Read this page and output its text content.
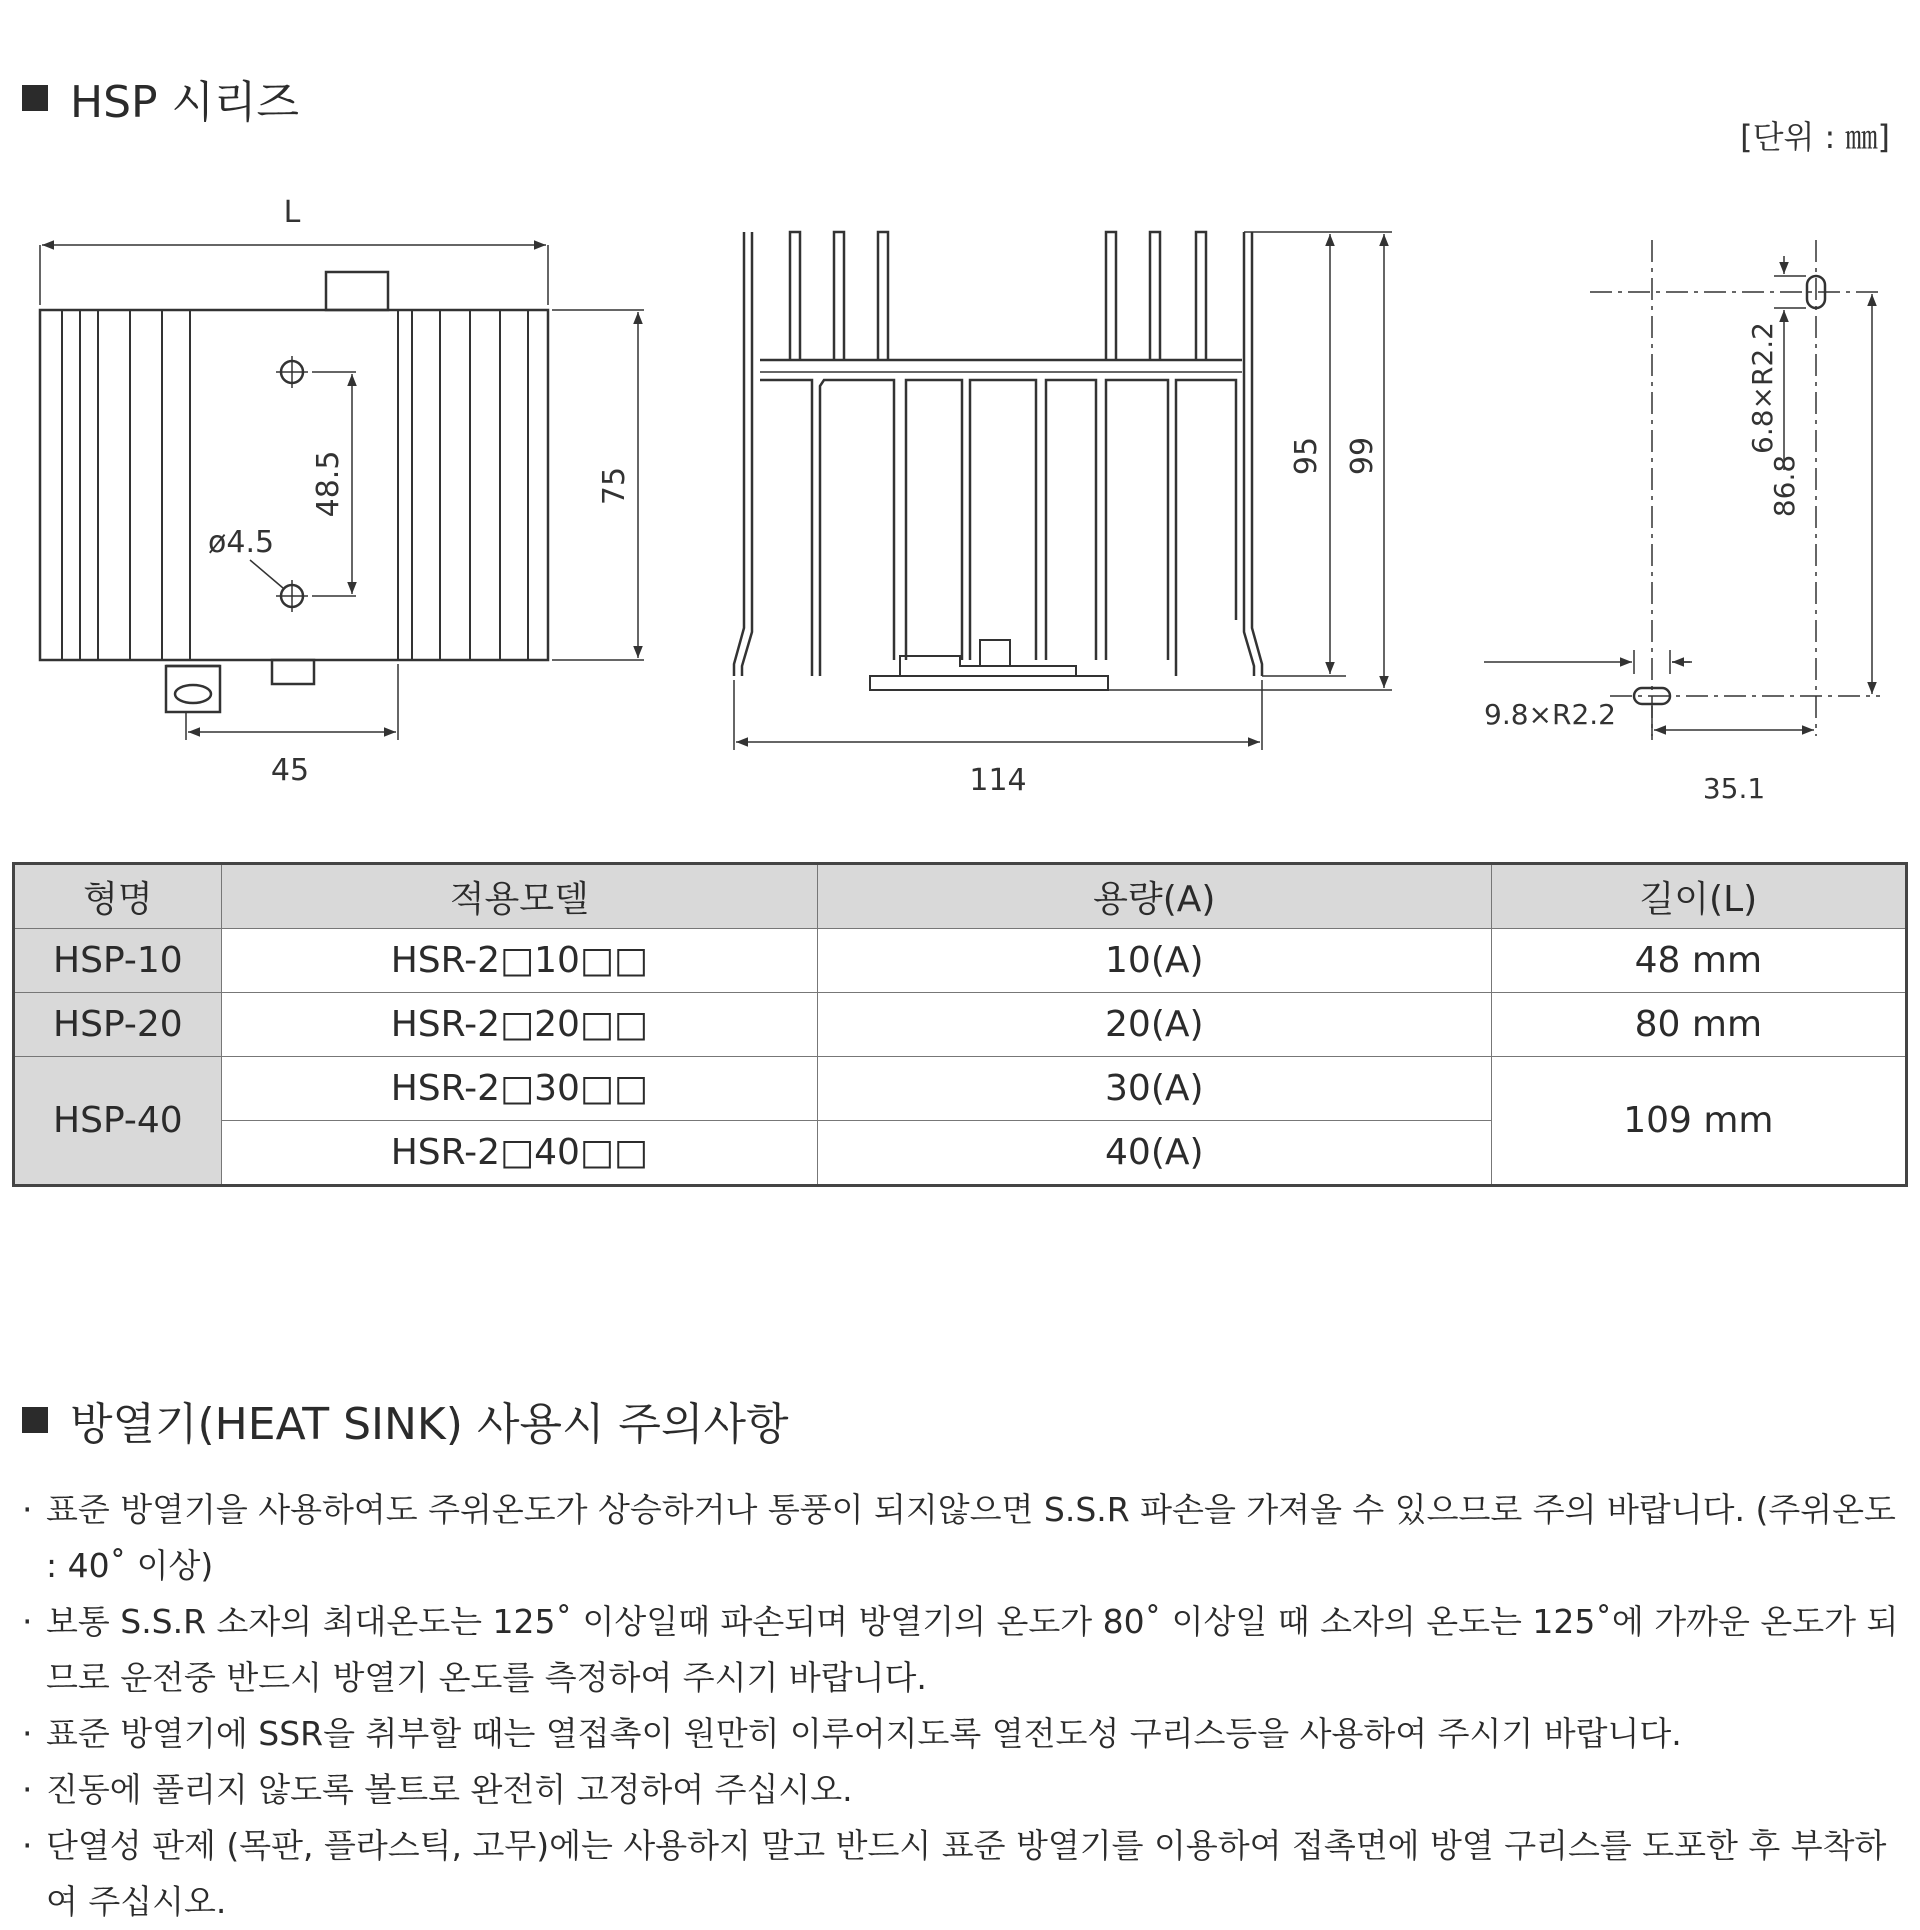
HSP 시리즈
[단위 : ㎜]
L
48.5
ø4.5
75
45
95 99
114
6.8×R2.2
86.8
9.8×R2.2
35.1
형명	적용모델	용량(A)	길이(L)
HSP-10	HSR-2□10□□	10(A)	48 mm
HSP-20	HSR-2□20□□	20(A)	80 mm
HSP-40	HSR-2□30□□	30(A)	109 mm
	HSR-2□40□□	40(A)	
방열기(HEAT SINK) 사용시 주의사항
· 표준 방열기을 사용하여도 주위온도가 상승하거나 통풍이 되지않으면 S.S.R 파손을 가져올 수 있으므로 주의 바랍니다. (주위온도 : 40˚ 이상)
· 보통 S.S.R 소자의 최대온도는 125˚ 이상일때 파손되며 방열기의 온도가 80˚ 이상일 때 소자의 온도는 125˚에 가까운 온도가 되므로 운전중 반드시 방열기 온도를 측정하여 주시기 바랍니다.
· 표준 방열기에 SSR을 취부할 때는 열접촉이 원만히 이루어지도록 열전도성 구리스등을 사용하여 주시기 바랍니다.
· 진동에 풀리지 않도록 볼트로 완전히 고정하여 주십시오.
· 단열성 판제 (목판, 플라스틱, 고무)에는 사용하지 말고 반드시 표준 방열기를 이용하여 접촉면에 방열 구리스를 도포한 후 부착하여 주십시오.
